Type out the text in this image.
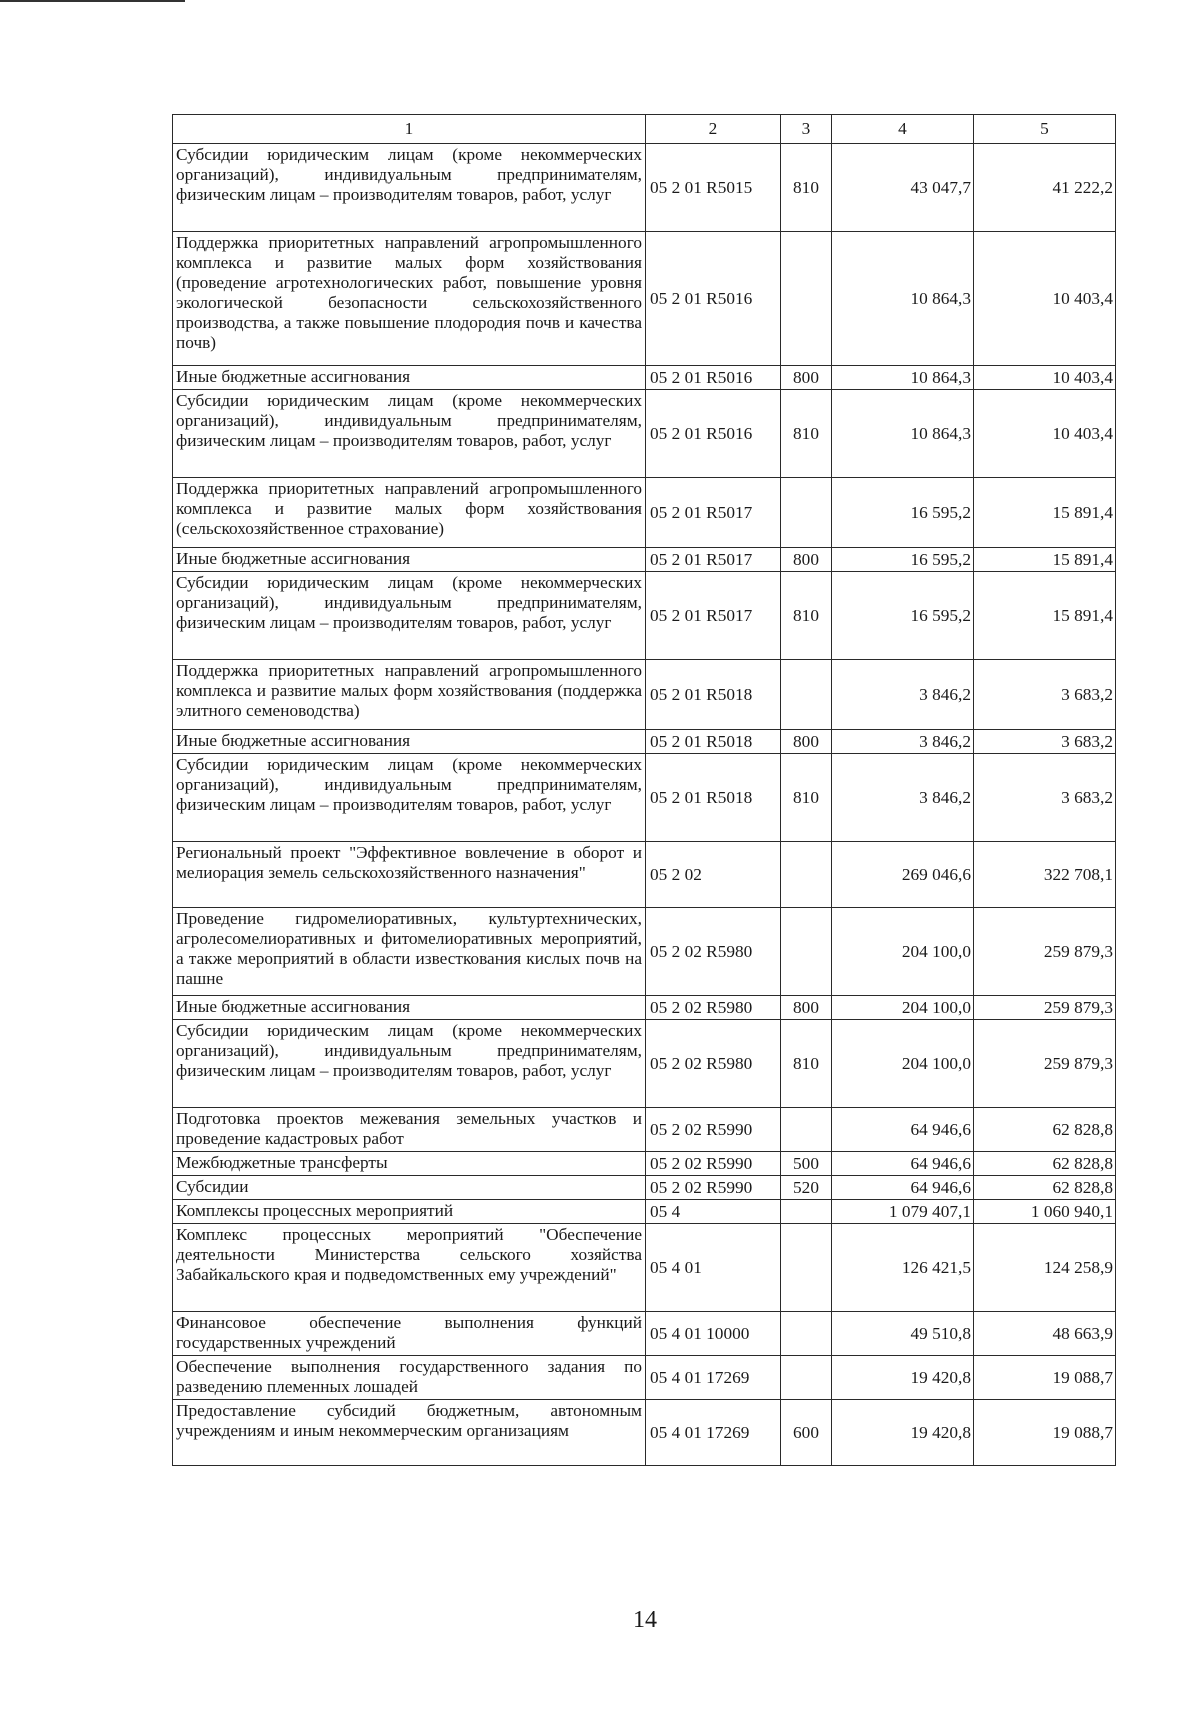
1	2	3	4	5
Субсидии юридическим лицам (кроме некоммерческих организаций), индивидуальным предпринимателям, физическим лицам – производителям товаров, работ, услуг	05 2 01 R5015	810	43 047,7	41 222,2
Поддержка приоритетных направлений агропромышленного комплекса и развитие малых форм хозяйствования (проведение агротехнологических работ, повышение уровня экологической безопасности сельскохозяйственного производства, а также повышение плодородия почв и качества почв)	05 2 01 R5016		10 864,3	10 403,4
Иные бюджетные ассигнования	05 2 01 R5016	800	10 864,3	10 403,4
Субсидии юридическим лицам (кроме некоммерческих организаций), индивидуальным предпринимателям, физическим лицам – производителям товаров, работ, услуг	05 2 01 R5016	810	10 864,3	10 403,4
Поддержка приоритетных направлений агропромышленного комплекса и развитие малых форм хозяйствования (сельскохозяйственное страхование)	05 2 01 R5017		16 595,2	15 891,4
Иные бюджетные ассигнования	05 2 01 R5017	800	16 595,2	15 891,4
Субсидии юридическим лицам (кроме некоммерческих организаций), индивидуальным предпринимателям, физическим лицам – производителям товаров, работ, услуг	05 2 01 R5017	810	16 595,2	15 891,4
Поддержка приоритетных направлений агропромышленного комплекса и развитие малых форм хозяйствования (поддержка элитного семеноводства)	05 2 01 R5018		3 846,2	3 683,2
Иные бюджетные ассигнования	05 2 01 R5018	800	3 846,2	3 683,2
Субсидии юридическим лицам (кроме некоммерческих организаций), индивидуальным предпринимателям, физическим лицам – производителям товаров, работ, услуг	05 2 01 R5018	810	3 846,2	3 683,2
Региональный проект "Эффективное вовлечение в оборот и мелиорация земель сельскохозяйственного назначения"	05 2 02		269 046,6	322 708,1
Проведение гидромелиоративных, культуртехнических, агролесомелиоративных и фитомелиоративных мероприятий, а также мероприятий в области известкования кислых почв на пашне	05 2 02 R5980		204 100,0	259 879,3
Иные бюджетные ассигнования	05 2 02 R5980	800	204 100,0	259 879,3
Субсидии юридическим лицам (кроме некоммерческих организаций), индивидуальным предпринимателям, физическим лицам – производителям товаров, работ, услуг	05 2 02 R5980	810	204 100,0	259 879,3
Подготовка проектов межевания земельных участков и проведение кадастровых работ	05 2 02 R5990		64 946,6	62 828,8
Межбюджетные трансферты	05 2 02 R5990	500	64 946,6	62 828,8
Субсидии	05 2 02 R5990	520	64 946,6	62 828,8
Комплексы процессных мероприятий	05 4		1 079 407,1	1 060 940,1
Комплекс процессных мероприятий "Обеспечение деятельности Министерства сельского хозяйства Забайкальского края и подведомственных ему учреждений"	05 4 01		126 421,5	124 258,9
Финансовое обеспечение выполнения функций государственных учреждений	05 4 01 10000		49 510,8	48 663,9
Обеспечение выполнения государственного задания по разведению племенных лошадей	05 4 01 17269		19 420,8	19 088,7
Предоставление субсидий бюджетным, автономным учреждениям и иным некоммерческим организациям	05 4 01 17269	600	19 420,8	19 088,7
14
